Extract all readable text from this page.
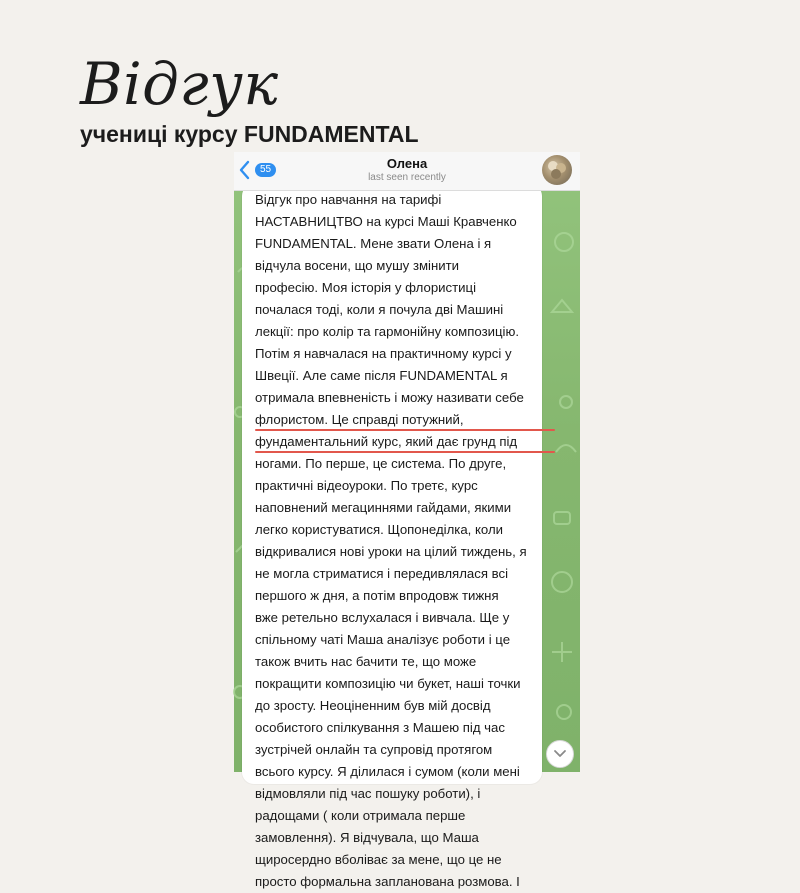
Відгук
учениці курсу FUNDAMENTAL
Відгук про навчання на тарифі
НАСТАВНИЦТВО на курсі Маші Кравченко
FUNDAMENTAL. Мене звати Олена і я
відчула восени, що мушу змінити
професію. Моя історія у флористиці
почалася тоді, коли я почула дві Машині
лекції: про колір та гармонійну композицію.
Потім я навчалася на практичному курсі у
Швеції. Але саме після FUNDAMENTAL я
отримала впевненість і можу називати себе
флористом. Це справді потужний,
фундаментальний курс, який дає грунд під
ногами. По перше, це система. По друге,
практичні відеоуроки. По третє, курс
наповнений мегациннями гайдами, якими
легко користуватися. Щопонеділка, коли
відкривалися нові уроки на цілий тиждень, я
не могла стриматися і передивлялася всі
першого ж дня, а потім впродовж тижня
вже ретельно вслухалася і вивчала. Ще у
спільному чаті Маша аналізує роботи і це
також вчить нас бачити те, що може
покращити композицію чи букет, наші точки
до зросту. Неоціненним був мій досвід
особистого спілкування з Машею під час
зустрічей онлайн та супровід протягом
всього курсу. Я ділилася і сумом (коли мені
відмовляли під час пошуку роботи), і
радощами ( коли отримала перше
замовлення). Я відчувала, що Маша
щиросердно вболіває за мене, що це не
просто формальна запланована розмова. І
55	Олена
last seen recently
